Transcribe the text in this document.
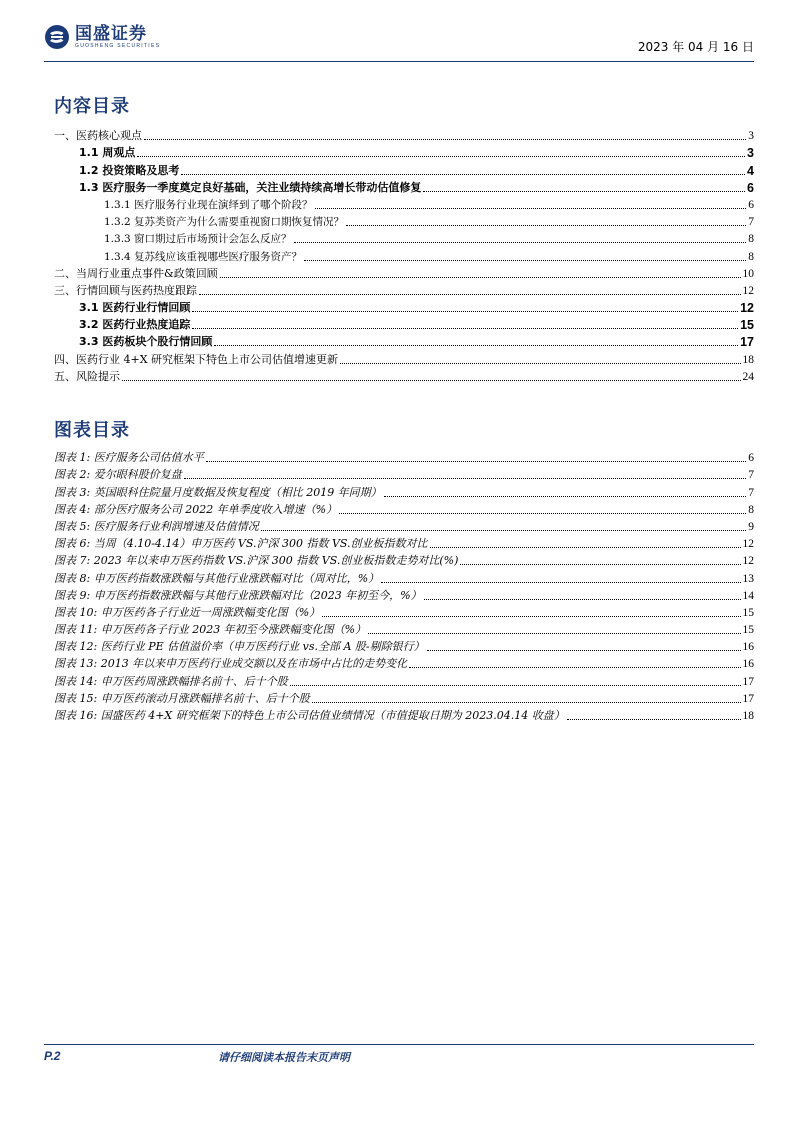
国盛证券
GUOSHENG SECURITIES	2023 年 04 月 16 日
内容目录
一、医药核心观点	3
1.1 周观点	3
1.2 投资策略及思考	4
1.3 医疗服务一季度奠定良好基础，关注业绩持续高增长带动估值修复	6
1.3.1 医疗服务行业现在演绎到了哪个阶段？	6
1.3.2 复苏类资产为什么需要重视窗口期恢复情况？	7
1.3.3 窗口期过后市场预计会怎么反应？	8
1.3.4 复苏线应该重视哪些医疗服务资产？	8
二、当周行业重点事件&政策回顾	10
三、行情回顾与医药热度跟踪	12
3.1 医药行业行情回顾	12
3.2 医药行业热度追踪	15
3.3 医药板块个股行情回顾	17
四、医药行业 4+X 研究框架下特色上市公司估值增速更新	18
五、风险提示	24
图表目录
图表 1: 医疗服务公司估值水平	6
图表 2: 爱尔眼科股价复盘	7
图表 3: 英国眼科住院量月度数据及恢复程度（相比 2019 年同期）	7
图表 4: 部分医疗服务公司 2022 年单季度收入增速（%）	8
图表 5: 医疗服务行业利润增速及估值情况	9
图表 6: 当周（4.10-4.14）申万医药 VS.沪深 300 指数 VS.创业板指数对比	12
图表 7: 2023 年以来申万医药指数 VS.沪深 300 指数 VS.创业板指数走势对比(%)	12
图表 8: 申万医药指数涨跌幅与其他行业涨跌幅对比（周对比，%）	13
图表 9: 申万医药指数涨跌幅与其他行业涨跌幅对比（2023 年初至今，%）	14
图表 10: 申万医药各子行业近一周涨跌幅变化图（%）	15
图表 11: 申万医药各子行业 2023 年初至今涨跌幅变化图（%）	15
图表 12: 医药行业 PE 估值溢价率（申万医药行业 vs.全部 A 股-剔除银行）	16
图表 13: 2013 年以来申万医药行业成交额以及在市场中占比的走势变化	16
图表 14: 申万医药周涨跌幅排名前十、后十个股	17
图表 15: 申万医药滚动月涨跌幅排名前十、后十个股	17
图表 16: 国盛医药 4+X 研究框架下的特色上市公司估值业绩情况（市值提取日期为 2023.04.14 收盘）	18
P.2	请仔细阅读本报告末页声明
